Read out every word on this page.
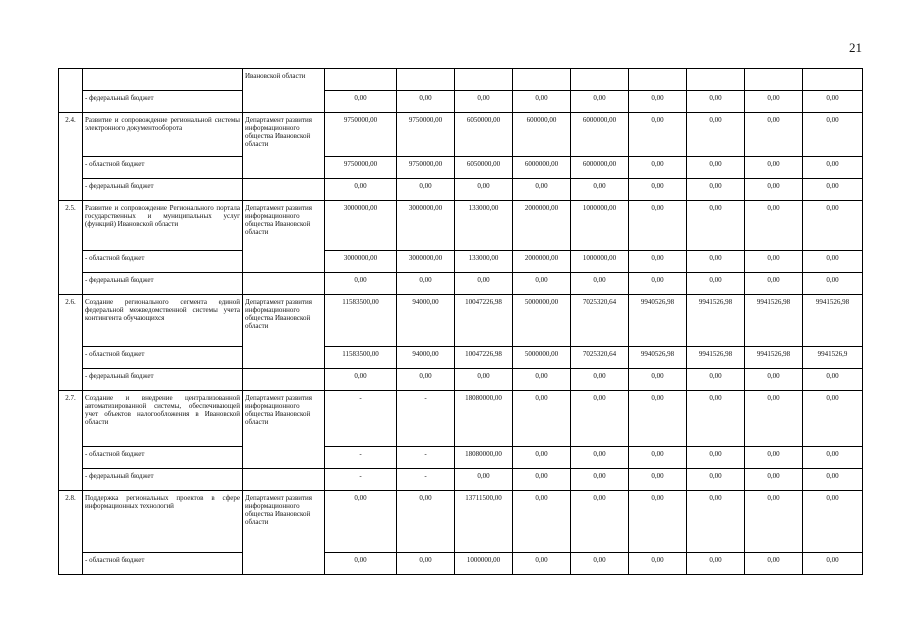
21
		Ивановской области									
	- федеральный бюджет		0,00	0,00	0,00	0,00	0,00	0,00	0,00	0,00	0,00
2.4.	Развитие и сопровождение региональной системы электронного документооборота	Департамент развития информационного общества Ивановской области	9750000,00	9750000,00	6050000,00	600000,00	6000000,00	0,00	0,00	0,00	0,00
	- областной бюджет		9750000,00	9750000,00	6050000,00	6000000,00	6000000,00	0,00	0,00	0,00	0,00
	- федеральный бюджет		0,00	0,00	0,00	0,00	0,00	0,00	0,00	0,00	0,00
2.5.	Развитие и сопровождение Регионального портала государственных и муниципальных услуг (функций) Ивановской области	Департамент развития информационного общества Ивановской области	3000000,00	3000000,00	133000,00	2000000,00	1000000,00	0,00	0,00	0,00	0,00
	- областной бюджет		3000000,00	3000000,00	133000,00	2000000,00	1000000,00	0,00	0,00	0,00	0,00
	- федеральный бюджет		0,00	0,00	0,00	0,00	0,00	0,00	0,00	0,00	0,00
2.6.	Создание регионального сегмента единой федеральной межведомственной системы учета контингента обучающихся	Департамент развития информационного общества Ивановской области	11583500,00	94000,00	10047226,98	5000000,00	7025320,64	9940526,98	9941526,98	9941526,98	9941526,98
	- областной бюджет		11583500,00	94000,00	10047226,98	5000000,00	7025320,64	9940526,98	9941526,98	9941526,98	9941526,9
	- федеральный бюджет		0,00	0,00	0,00	0,00	0,00	0,00	0,00	0,00	0,00
2.7.	Создание и внедрение централизованной автоматизированной системы, обеспечивающей учет объектов налогообложения в Ивановской области	Департамент развития информационного общества Ивановской области	-	-	18080000,00	0,00	0,00	0,00	0,00	0,00	0,00
	- областной бюджет		-	-	18080000,00	0,00	0,00	0,00	0,00	0,00	0,00
	- федеральный бюджет		-	-	0,00	0,00	0,00	0,00	0,00	0,00	0,00
2.8.	Поддержка региональных проектов в сфере информационных технологий	Департамент развития информационного общества Ивановской области	0,00	0,00	13711500,00	0,00	0,00	0,00	0,00	0,00	0,00
	- областной бюджет		0,00	0,00	1000000,00	0,00	0,00	0,00	0,00	0,00	0,00
